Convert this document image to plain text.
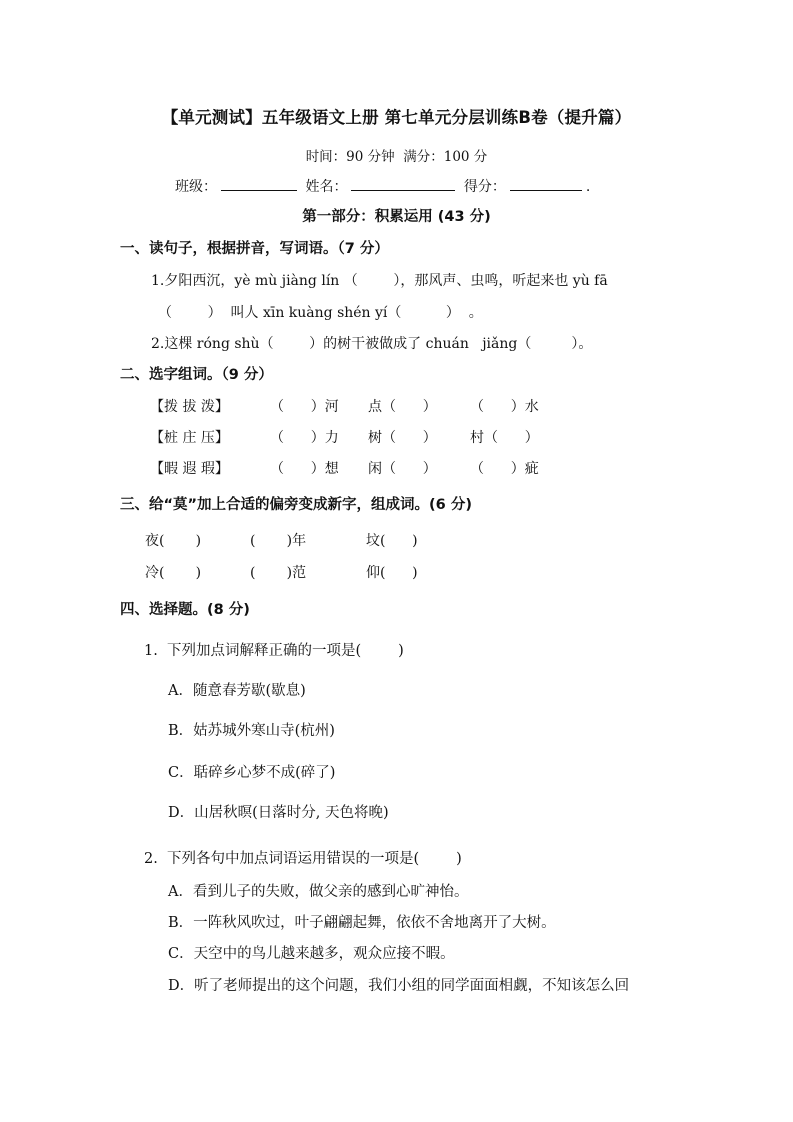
【单元测试】五年级语文上册 第七单元分层训练B卷（提升篇）
时间：90 分钟  满分：100 分
班级：	姓名：	得分：	.
第一部分：积累运用 (43 分)
一、读句子，根据拼音，写词语。（7 分）
1.夕阳西沉，yè mù jiàng lín （        ），那风声、虫鸣，听起来也 yù fā
（        ）  叫人 xīn kuàng shén yí（          ）  。
2.这棵 róng shù（        ）的树干被做成了 chuán   jiǎng（         ）。
二、选字组词。（9 分）
【拨 拔 泼】	（      ）河 点（      ） （      ）水
【桩 庄 压】	（      ）力 树（      ） 村（      ）
【暇 遐 瑕】	（      ）想 闲（      ） （      ）疵
三、给“莫”加上合适的偏旁变成新字，组成词。(6 分)
夜(       )	(       )年	坟(      )
冷(       )	(       )范	仰(      )
四、选择题。(8 分)
1.  下列加点词解释正确的一项是(        )
A．随意春芳歇(歇息)
B．姑苏城外寒山寺(杭州)
C．聒碎乡心梦不成(碎了)
D．山居秋暝(日落时分, 天色将晚)
2.  下列各句中加点词语运用错误的一项是(        )
A．看到儿子的失败，做父亲的感到心旷神怡。
B．一阵秋风吹过，叶子翩翩起舞，依依不舍地离开了大树。
C．天空中的鸟儿越来越多，观众应接不暇。
D．听了老师提出的这个问题，我们小组的同学面面相觑，不知该怎么回
